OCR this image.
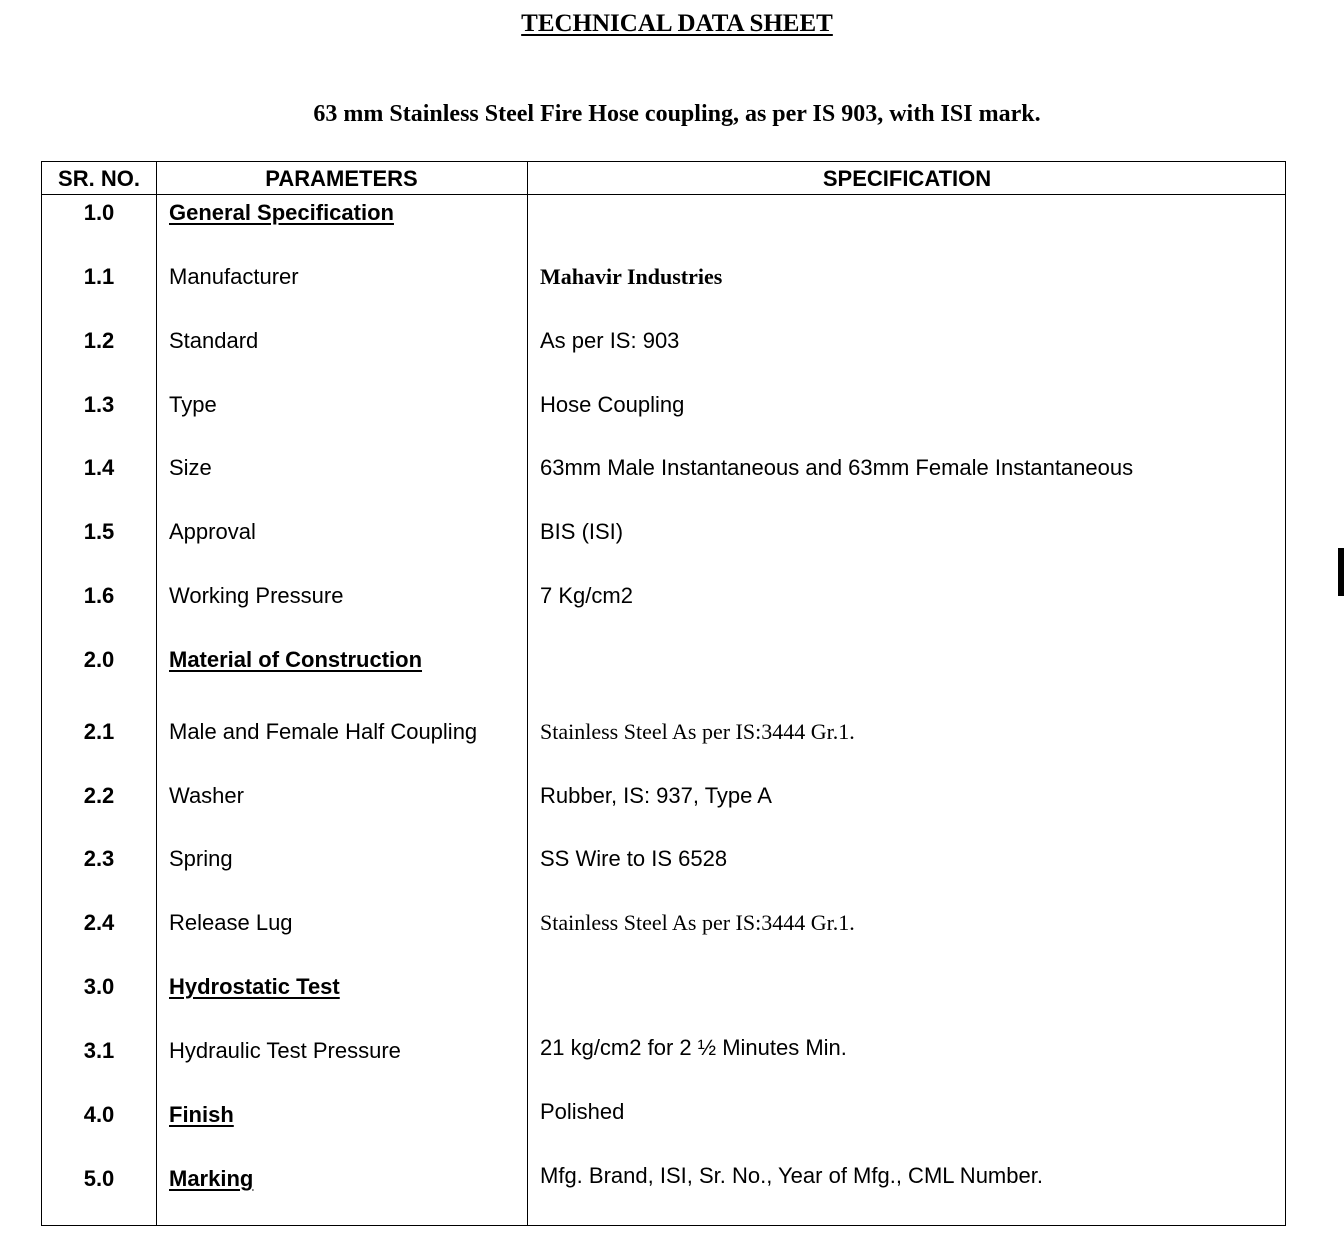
TECHNICAL DATA SHEET
63 mm Stainless Steel Fire Hose coupling, as per IS 903, with ISI mark.
SR. NO.	PARAMETERS	SPECIFICATION
1.0	General Specification
1.1	Manufacturer	Mahavir Industries
1.2	Standard	As per IS: 903
1.3	Type	Hose Coupling
1.4	Size	63mm Male Instantaneous and 63mm Female Instantaneous
1.5	Approval	BIS (ISI)
1.6	Working Pressure	7 Kg/cm2
2.0	Material of Construction
2.1	Male and Female Half Coupling	Stainless Steel As per IS:3444 Gr.1.
2.2	Washer	Rubber, IS: 937, Type A
2.3	Spring	SS Wire to IS 6528
2.4	Release Lug	Stainless Steel As per IS:3444 Gr.1.
3.0	Hydrostatic Test
3.1	Hydraulic Test Pressure	21 kg/cm2 for 2 ½ Minutes Min.
4.0	Finish	Polished
5.0	Marking	Mfg. Brand, ISI, Sr. No., Year of Mfg., CML Number.
